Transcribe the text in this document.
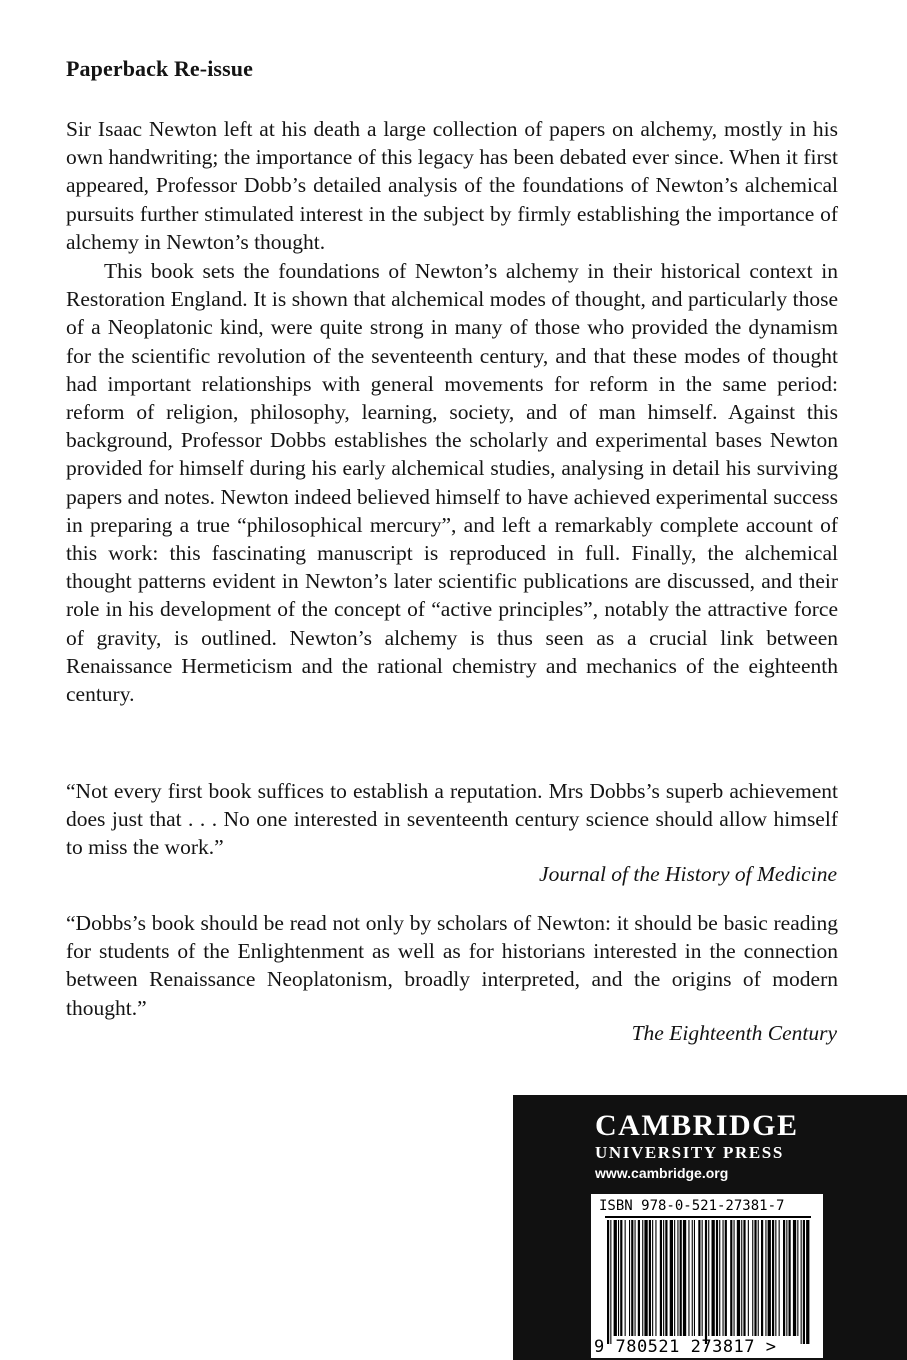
Paperback Re-issue

Sir Isaac Newton left at his death a large collection of papers on alchemy, mostly in his own handwriting; the importance of this legacy has been debated ever since. When it first appeared, Professor Dobb’s detailed analysis of the foundations of Newton’s alchemical pursuits further stimulated interest in the subject by firmly establishing the importance of alchemy in Newton’s thought.

This book sets the foundations of Newton’s alchemy in their historical context in Restoration England. It is shown that alchemical modes of thought, and particularly those of a Neoplatonic kind, were quite strong in many of those who provided the dynamism for the scientific revolution of the seventeenth century, and that these modes of thought had important relationships with general movements for reform in the same period: reform of religion, philosophy, learning, society, and of man himself. Against this background, Professor Dobbs establishes the scholarly and experimental bases Newton provided for himself during his early alchemical studies, analysing in detail his surviving papers and notes. Newton indeed believed himself to have achieved experimental success in preparing a true “philosophical mercury”, and left a remarkably complete account of this work: this fascinating manuscript is reproduced in full. Finally, the alchemical thought patterns evident in Newton’s later scientific publications are discussed, and their role in his development of the concept of “active principles”, notably the attractive force of gravity, is outlined. Newton’s alchemy is thus seen as a crucial link between Renaissance Hermeticism and the rational chemistry and mechanics of the eighteenth century.

“Not every first book suffices to establish a reputation. Mrs Dobbs’s superb achievement does just that . . . No one interested in seventeenth century science should allow himself to miss the work.”

Journal of the History of Medicine

“Dobbs’s book should be read not only by scholars of Newton: it should be basic reading for students of the Enlightenment as well as for historians interested in the connection between Renaissance Neoplatonism, broadly interpreted, and the origins of modern thought.”

The Eighteenth Century
CAMBRIDGE
UNIVERSITY PRESS
www.cambridge.org
ISBN 978-0-521-27381-7
9 780521 273817 >
